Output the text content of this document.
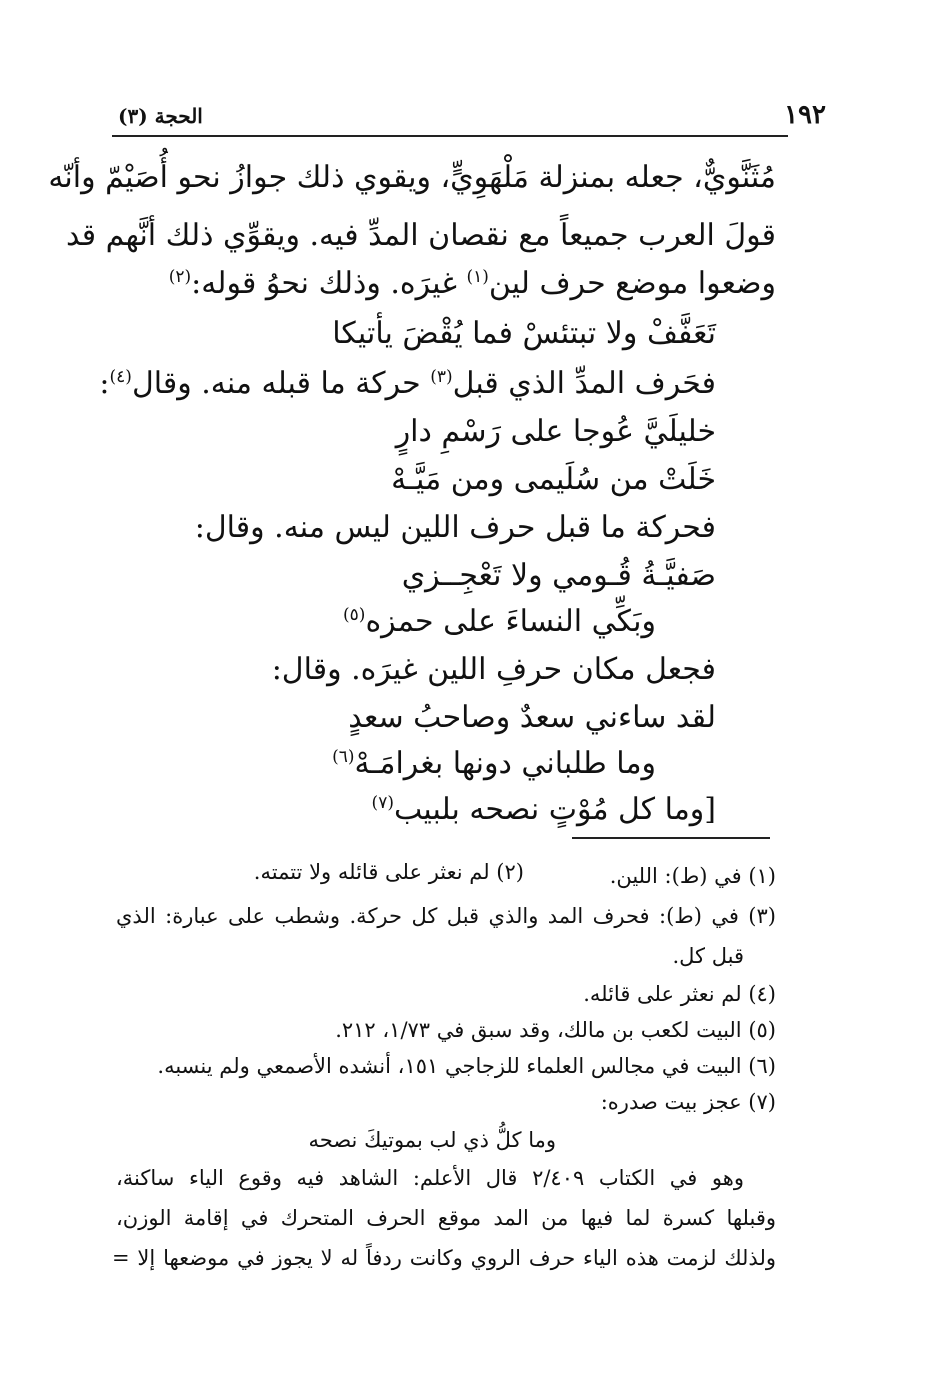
١٩٢
الحجة (٣)
مُثَنَّويٌّ، جعله بمنزلة مَلْهَوِيٍّ، ويقوي ذلك جوازُ نحو أُصَيْمّ وأنّه
قولَ العرب جميعاً مع نقصان المدِّ فيه. ويقوِّي ذلك أنَّهم قد
وضعوا موضع حرف لين$^{(١)}$ غيرَه. وذلك نحوُ قوله:$^{(٢)}$
تَعَفَّفْ ولا تبتئسْ فما يُقْضَ يأتيكا
فحَرف المدِّ الذي قبل$^{(٣)}$ حركة ما قبله منه. وقال$^{(٤)}$:
خليلَيَّ عُوجا على رَسْمِ دارٍ
خَلَتْ من سُلَيمى ومن مَيَّـهْ
فحركة ما قبل حرف اللين ليس منه. وقال:
صَفيَّـةُ قُـومي ولا تَعْجِــزي
وبَكِّي النساءَ على حمزه$^{(٥)}$
فجعل مكان حرفِ اللين غيرَه. وقال:
لقد ساءني سعدٌ وصاحبُ سعدٍ
وما طلباني دونها بغرامَـهْ$^{(٦)}$
[وما كل مُوْتٍ نصحه بلبيب$^{(٧)}$
(١) في (ط): اللين.
(٢) لم نعثر على قائله ولا تتمته.
(٣) في (ط): فحرف المد والذي قبل كل حركة. وشطب على عبارة: الذي
قبل كل.
(٤) لم نعثر على قائله.
(٥) البيت لكعب بن مالك، وقد سبق في ١/٧٣، ٢١٢.
(٦) البيت في مجالس العلماء للزجاجي ١٥١، أنشده الأصمعي ولم ينسبه.
(٧) عجز بيت صدره:
وما كلُّ ذي لب بموتيكَ نصحه
وهو في الكتاب ٢/٤٠٩ قال الأعلم: الشاهد فيه وقوع الياء ساكنة،
وقبلها كسرة لما فيها من المد موقع الحرف المتحرك في إقامة الوزن،
ولذلك لزمت هذه الياء حرف الروي وكانت ردفاً له لا يجوز في موضعها إلا =
